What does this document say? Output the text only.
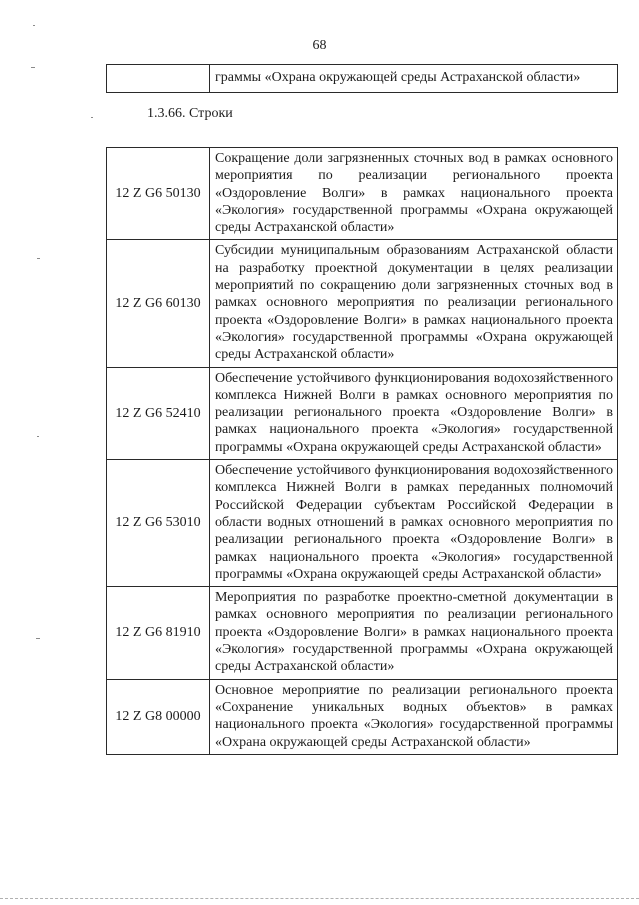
68
	граммы «Охрана окружающей среды Астраханской области»
1.3.66. Строки
12 Z G6 50130	Сокращение доли загрязненных сточных вод в рамках основного мероприятия по реализации регионального проекта «Оздоровление Волги» в рамках национального проекта «Экология» государственной программы «Охрана окружающей среды Астраханской области»
12 Z G6 60130	Субсидии муниципальным образованиям Астраханской области на разработку проектной документации в целях реализации мероприятий по сокращению доли загрязненных сточных вод в рамках основного мероприятия по реализации регионального проекта «Оздоровление Волги» в рамках национального проекта «Экология» государственной программы «Охрана окружающей среды Астраханской области»
12 Z G6 52410	Обеспечение устойчивого функционирования водохозяйственного комплекса Нижней Волги в рамках основного мероприятия по реализации регионального проекта «Оздоровление Волги» в рамках национального проекта «Экология» государственной программы «Охрана окружающей среды Астраханской области»
12 Z G6 53010	Обеспечение устойчивого функционирования водохозяйственного комплекса Нижней Волги в рамках переданных полномочий Российской Федерации субъектам Российской Федерации в области водных отношений в рамках основного мероприятия по реализации регионального проекта «Оздоровление Волги» в рамках национального проекта «Экология» государственной программы «Охрана окружающей среды Астраханской области»
12 Z G6 81910	Мероприятия по разработке проектно-сметной документации в рамках основного мероприятия по реализации регионального проекта «Оздоровление Волги» в рамках национального проекта «Экология» государственной программы «Охрана окружающей среды Астраханской области»
12 Z G8 00000	Основное мероприятие по реализации регионального проекта «Сохранение уникальных водных объектов» в рамках национального проекта «Экология» государственной программы «Охрана окружающей среды Астраханской области»
